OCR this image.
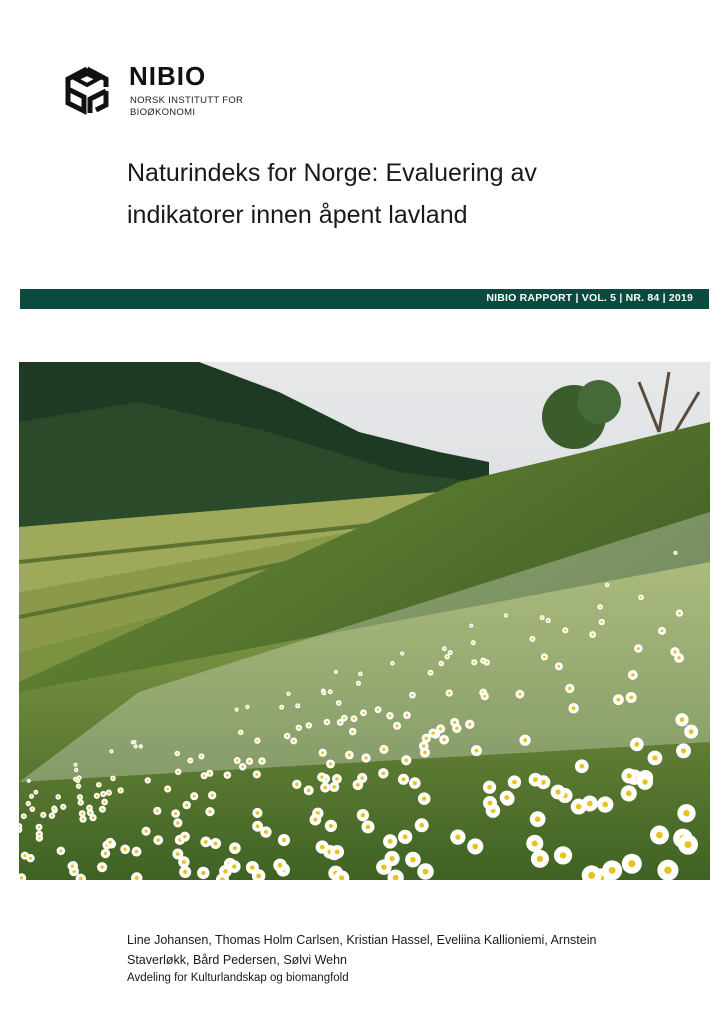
NIBIO
NORSK INSTITUTT FOR
BIOØKONOMI
Naturindeks for Norge: Evaluering av indikatorer innen åpent lavland
NIBIO RAPPORT | VOL. 5 | NR. 84 | 2019
Line Johansen, Thomas Holm Carlsen, Kristian Hassel, Eveliina Kallioniemi, Arnstein Staverløkk, Bård Pedersen, Sølvi Wehn
Avdeling for Kulturlandskap og biomangfold
